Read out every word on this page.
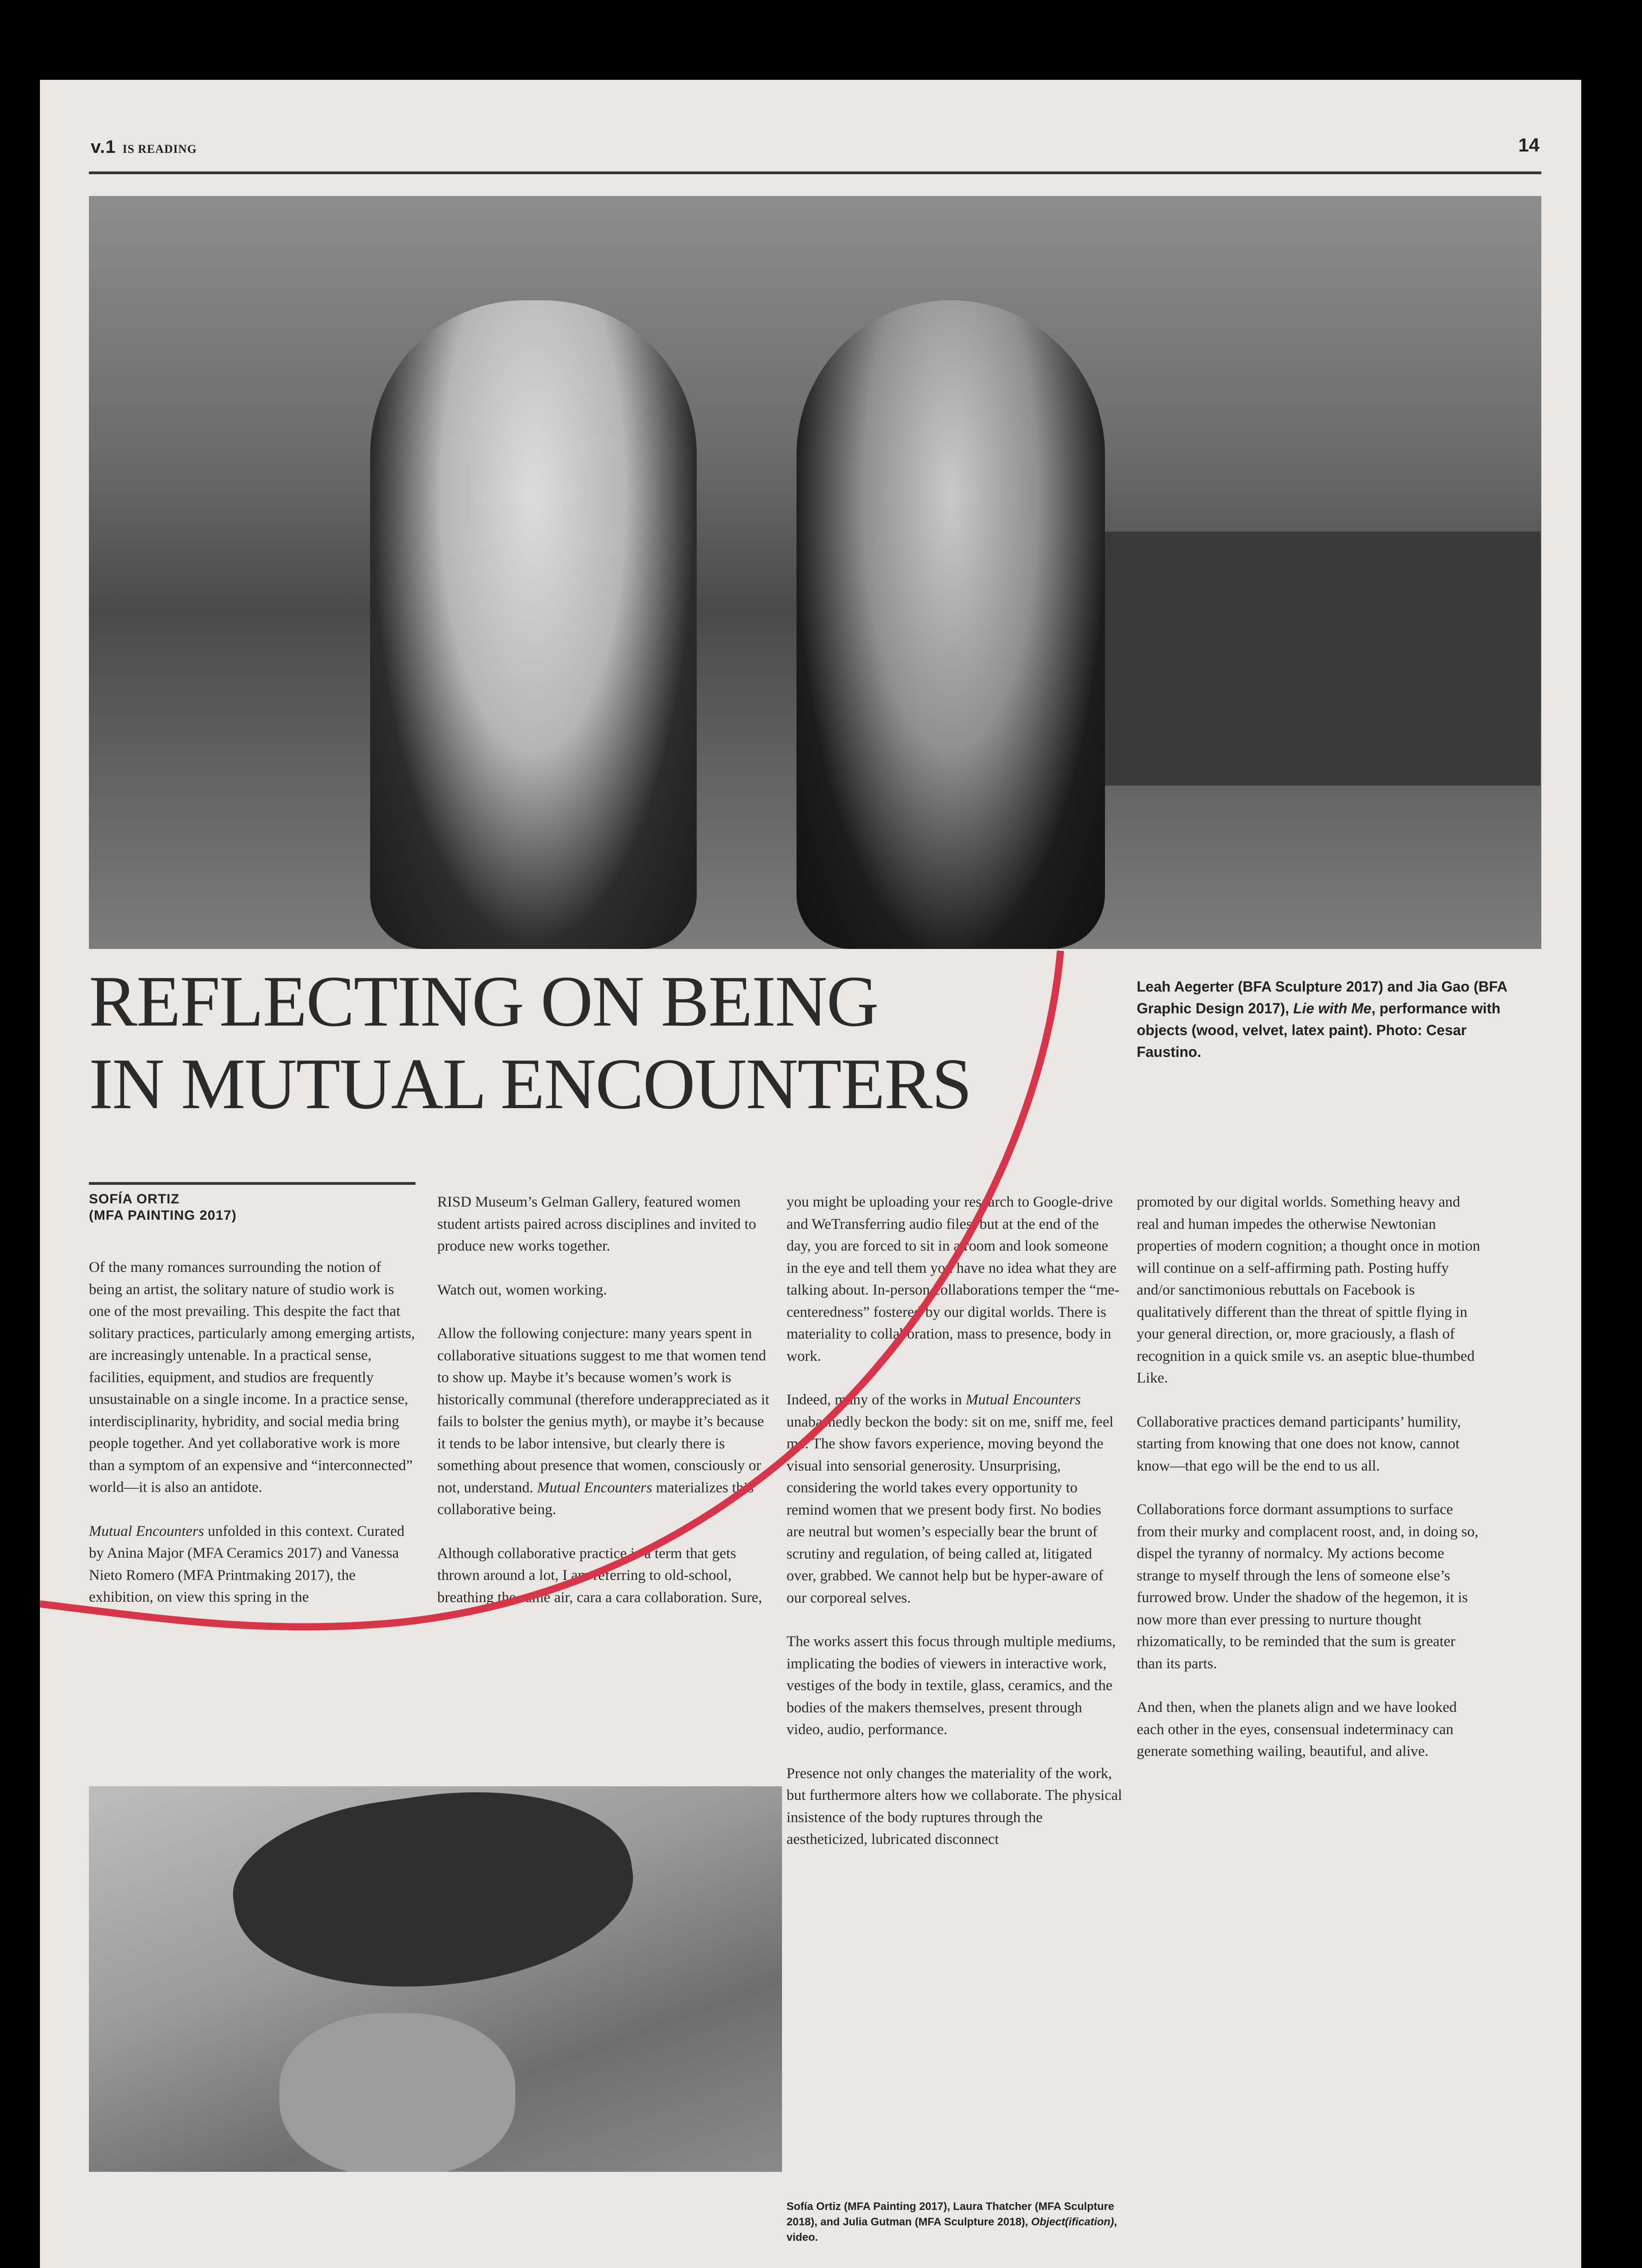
v.1 IS READING	14
REFLECTING ON BEING
IN MUTUAL ENCOUNTERS
Leah Aegerter (BFA Sculpture 2017) and Jia Gao (BFA Graphic Design 2017), Lie with Me, performance with objects (wood, velvet, latex paint). Photo: Cesar Faustino.
SOFÍA ORTIZ
(MFA PAINTING 2017)

Of the many romances surrounding the notion of being an artist, the solitary nature of studio work is one of the most prevailing. This despite the fact that solitary practices, particularly among emerging artists, are increasingly untenable. In a practical sense, facilities, equipment, and studios are frequently unsustainable on a single income. In a practice sense, interdisciplinarity, hybridity, and social media bring people together. And yet collaborative work is more than a symptom of an expensive and “interconnected” world—it is also an antidote.

Mutual Encounters unfolded in this context. Curated by Anina Major (MFA Ceramics 2017) and Vanessa Nieto Romero (MFA Printmaking 2017), the exhibition, on view this spring in the

RISD Museum’s Gelman Gallery, featured women student artists paired across disciplines and invited to produce new works together.

Watch out, women working.

Allow the following conjecture: many years spent in collaborative situations suggest to me that women tend to show up. Maybe it’s because women’s work is historically communal (therefore underappreciated as it fails to bolster the genius myth), or maybe it’s because it tends to be labor intensive, but clearly there is something about presence that women, consciously or not, understand. Mutual Encounters materializes this collaborative being.

Although collaborative practice is a term that gets thrown around a lot, I am referring to old-school, breathing the same air, cara a cara collaboration. Sure,

you might be uploading your research to Google-drive and WeTransferring audio files, but at the end of the day, you are forced to sit in a room and look someone in the eye and tell them you have no idea what they are talking about. In-person collaborations temper the “me-centeredness” fostered by our digital worlds. There is materiality to collaboration, mass to presence, body in work.

Indeed, many of the works in Mutual Encounters unabashedly beckon the body: sit on me, sniff me, feel me. The show favors experience, moving beyond the visual into sensorial generosity. Unsurprising, considering the world takes every opportunity to remind women that we present body first. No bodies are neutral but women’s especially bear the brunt of scrutiny and regulation, of being called at, litigated over, grabbed. We cannot help but be hyper-aware of our corporeal selves.

The works assert this focus through multiple mediums, implicating the bodies of viewers in interactive work, vestiges of the body in textile, glass, ceramics, and the bodies of the makers themselves, present through video, audio, performance.

Presence not only changes the materiality of the work, but furthermore alters how we collaborate. The physical insistence of the body ruptures through the aestheticized, lubricated disconnect

promoted by our digital worlds. Something heavy and real and human impedes the otherwise Newtonian properties of modern cognition; a thought once in motion will continue on a self-affirming path. Posting huffy and/or sanctimonious rebuttals on Facebook is qualitatively different than the threat of spittle flying in your general direction, or, more graciously, a flash of recognition in a quick smile vs. an aseptic blue-thumbed Like.

Collaborative practices demand participants’ humility, starting from knowing that one does not know, cannot know—that ego will be the end to us all.

Collaborations force dormant assumptions to surface from their murky and complacent roost, and, in doing so, dispel the tyranny of normalcy. My actions become strange to myself through the lens of someone else’s furrowed brow. Under the shadow of the hegemon, it is now more than ever pressing to nurture thought rhizomatically, to be reminded that the sum is greater than its parts.

And then, when the planets align and we have looked each other in the eyes, consensual indeterminacy can generate something wailing, beautiful, and alive.

Sofía Ortiz (MFA Painting 2017), Laura Thatcher (MFA Sculpture 2018), and Julia Gutman (MFA Sculpture 2018), Object(ification), video.
